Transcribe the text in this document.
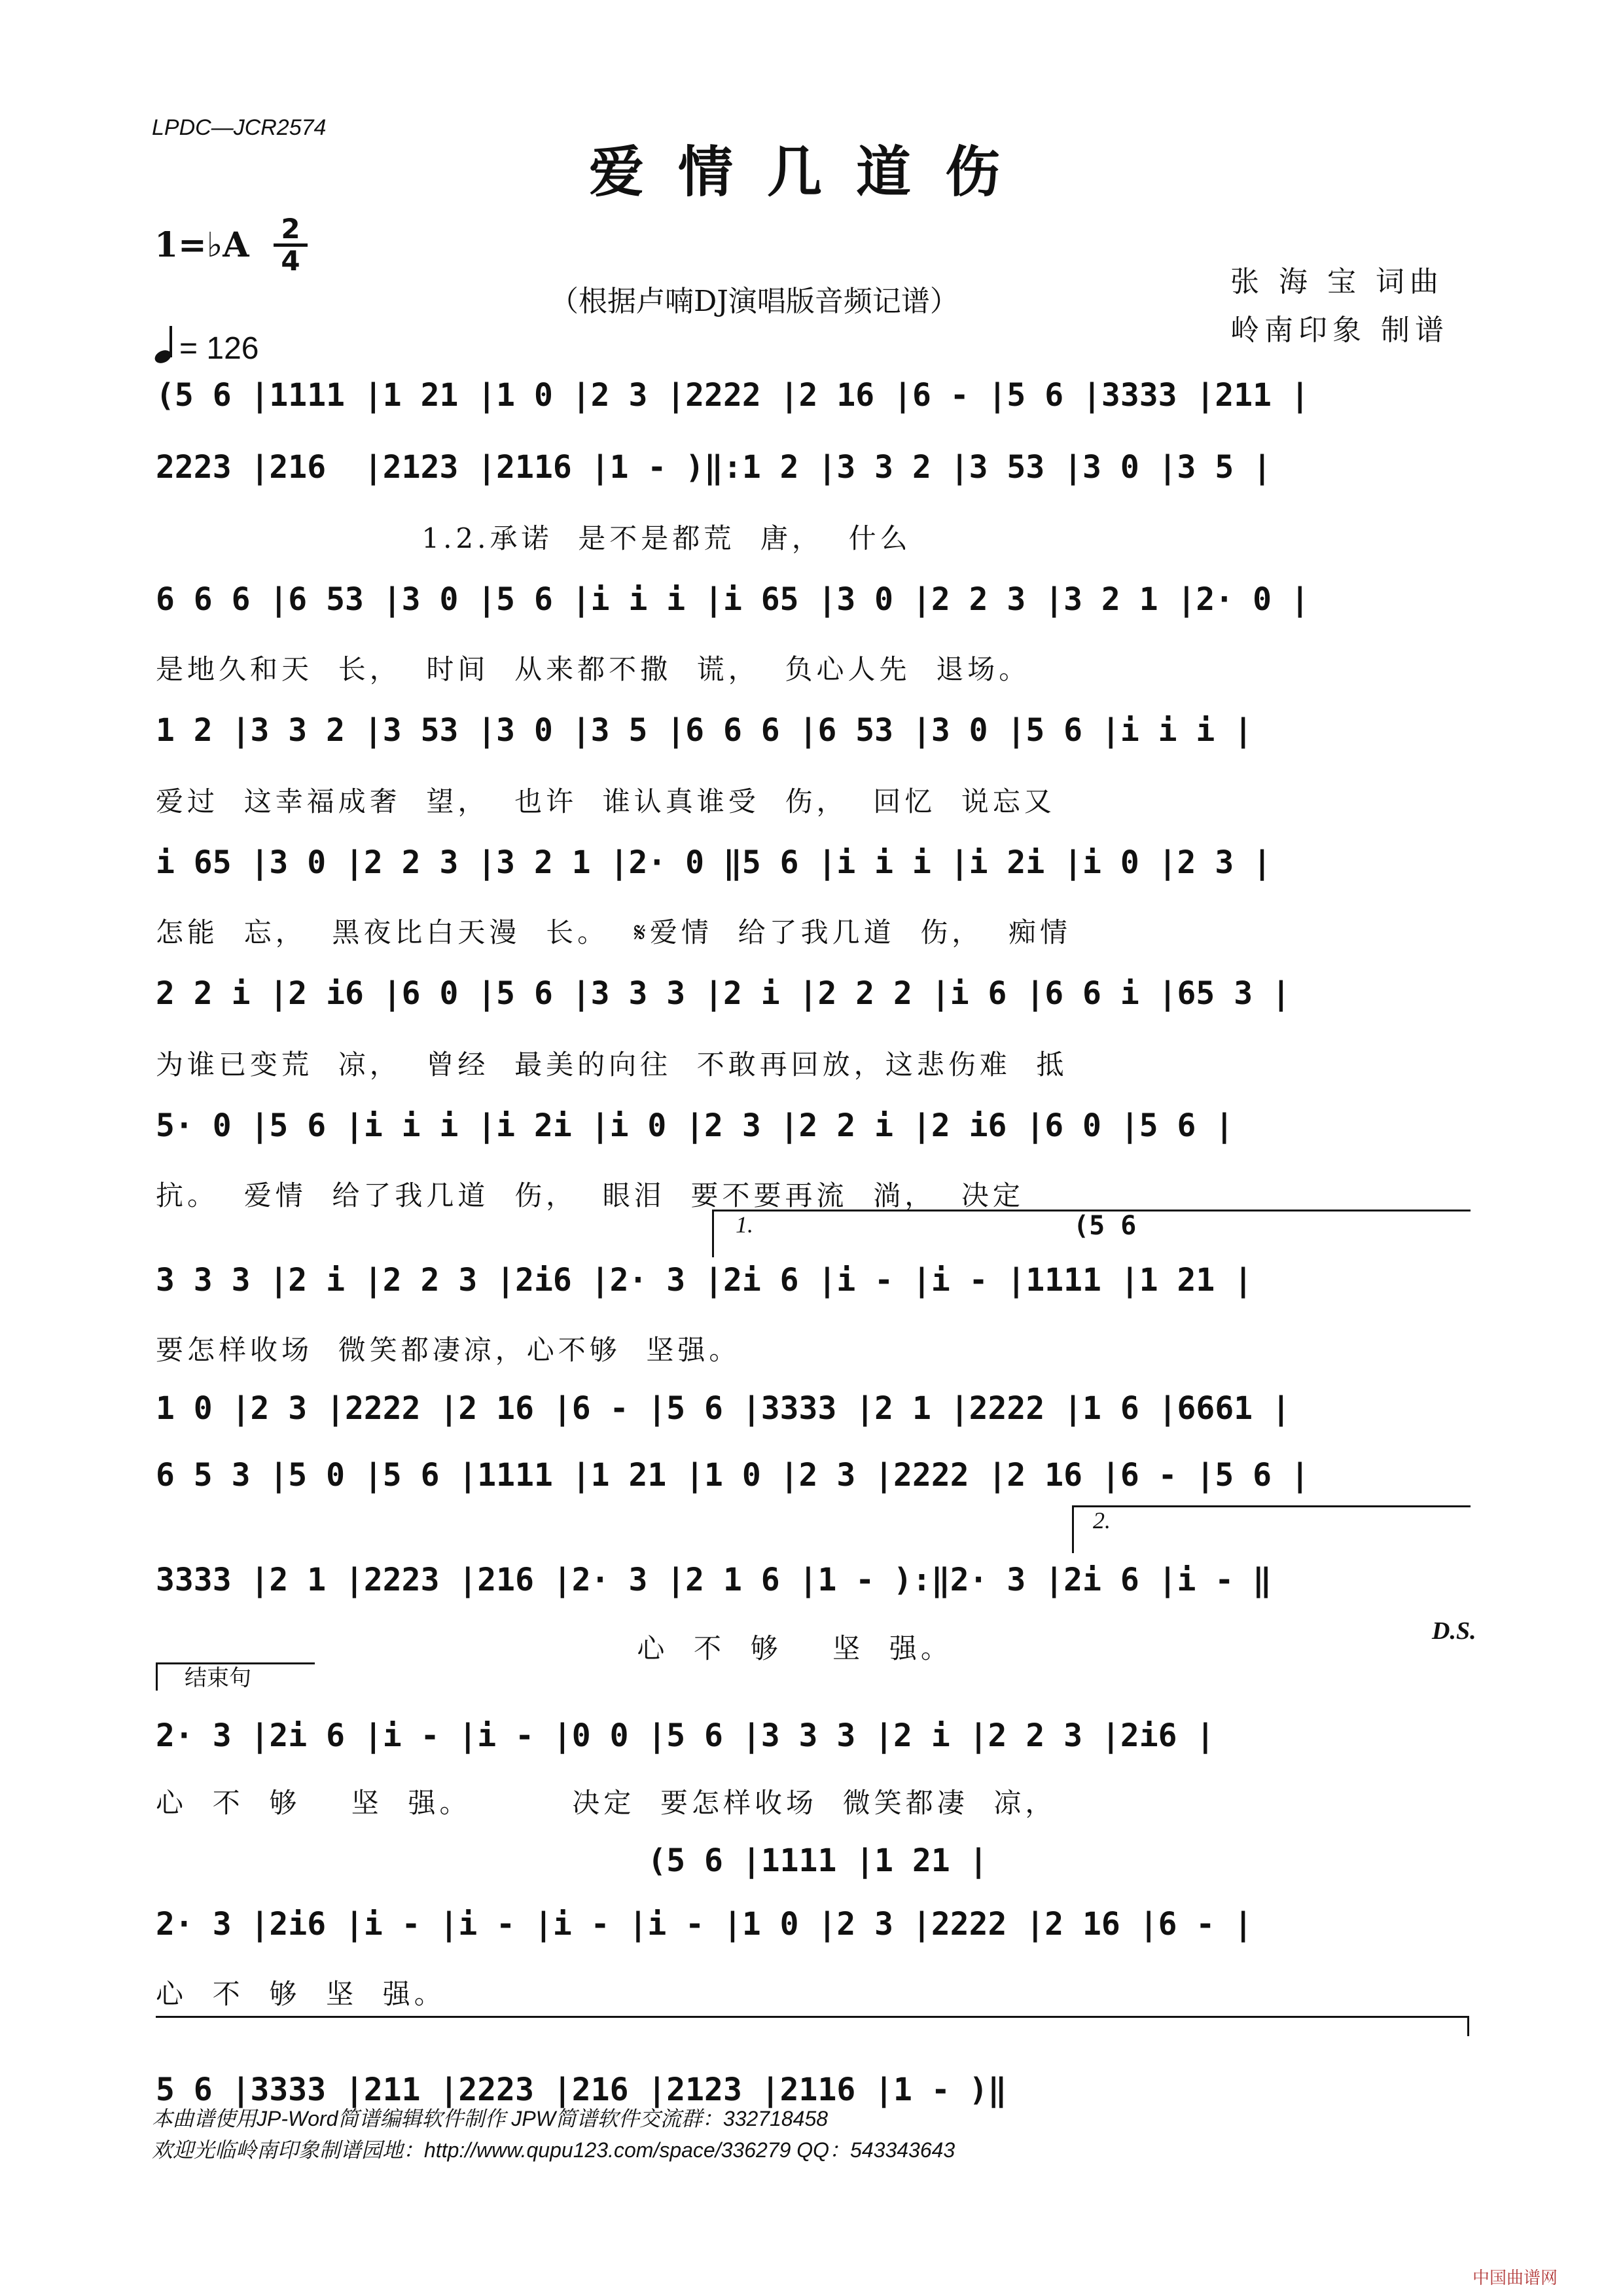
LPDC—JCR2574
爱情几道伤
1=♭A	2
4
= 126
（根据卢喃DJ演唱版音频记谱）
张 海 宝 词曲
岭南印象 制谱
(5 6 |1111 |1 21 |1 0 |2 3 |2222 |2 16 |6 - |5 6 |3333 |211 |
2223 |216  |2123 |2116 |1 - )‖:1 2 |3 3 2 |3 53 |3 0 |3 5 |
6 6 6 |6 53 |3 0 |5 6 |i i i |i 65 |3 0 |2 2 3 |3 2 1 |2· 0 |
1 2 |3 3 2 |3 53 |3 0 |3 5 |6 6 6 |6 53 |3 0 |5 6 |i i i |
i 65 |3 0 |2 2 3 |3 2 1 |2· 0 ‖5 6 |i i i |i 2i |i 0 |2 3 |
2 2 i |2 i6 |6 0 |5 6 |3 3 3 |2 i |2 2 2 |i 6 |6 6 i |65 3 |
5· 0 |5 6 |i i i |i 2i |i 0 |2 3 |2 2 i |2 i6 |6 0 |5 6 |
3 3 3 |2 i |2 2 3 |2i6 |2· 3 |2i 6 |i - |i - |1111 |1 21 |
1 0 |2 3 |2222 |2 16 |6 - |5 6 |3333 |2 1 |2222 |1 6 |6661 |
6 5 3 |5 0 |5 6 |1111 |1 21 |1 0 |2 3 |2222 |2 16 |6 - |5 6 |
3333 |2 1 |2223 |216 |2· 3 |2 1 6 |1 - ):‖2· 3 |2i 6 |i - ‖
2· 3 |2i 6 |i - |i - |0 0 |5 6 |3 3 3 |2 i |2 2 3 |2i6 |
(5 6 |1111 |1 21 |
2· 3 |2i6 |i - |i - |i - |i - |1 0 |2 3 |2222 |2 16 |6 - |
5 6 |3333 |211 |2223 |216 |2123 |2116 |1 - )‖
1.2.承诺  是不是都荒  唐，  什么
是地久和天  长，  时间  从来都不撒  谎，  负心人先  退场。
爱过  这幸福成奢  望，  也许  谁认真谁受  伤，  回忆  说忘又
怎能  忘，  黑夜比白天漫  长。  𝄋爱情  给了我几道  伤，  痴情
为谁已变荒  凉，  曾经  最美的向往  不敢再回放，这悲伤难  抵
抗。  爱情  给了我几道  伤，  眼泪  要不要再流  淌，  决定
要怎样收场  微笑都凄凉，心不够  坚强。
心  不  够    坚  强。
心  不  够    坚  强。        决定  要怎样收场  微笑都凄  凉，
心  不  够  坚  强。
1.	(5 6
2.
D.S.
结束句
本曲谱使用JP-Word简谱编辑软件制作 JPW简谱软件交流群：332718458
欢迎光临岭南印象制谱园地：http://www.qupu123.com/space/336279 QQ：543343643
中国曲谱网
